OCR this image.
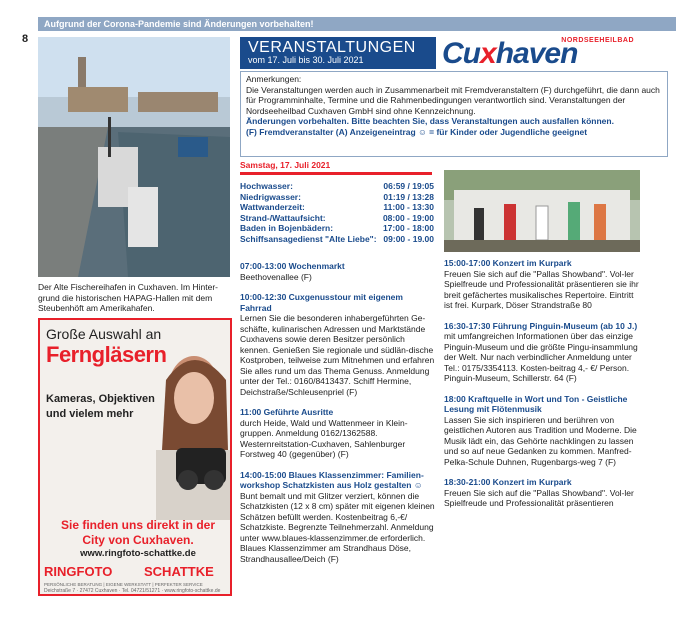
Aufgrund der Corona-Pandemie sind Änderungen vorbehalten!
8
Der Alte Fischereihafen in Cuxhaven. Im Hinter-grund die historischen HAPAG-Hallen mit dem Steubenhöft am Amerikahafen.
Große Auswahl an
Ferngläsern
Kameras, Objektiven
und vielem mehr
Sie finden uns direkt in der
City von Cuxhaven.
www.ringfoto-schattke.de
RINGFOTO SCHATTKE
PERSÖNLICHE BERATUNG | EIGENE WERKSTATT | PERFEKTER SERVICE
Deichstraße 7 · 27472 Cuxhaven · Tel. 04721/51271 · www.ringfoto-schattke.de
VERANSTALTUNGEN
vom 17. Juli bis 30. Juli 2021
NORDSEEHEILBAD
Cuxhaven
Anmerkungen:
Die Veranstaltungen werden auch in Zusammenarbeit mit Fremdveranstaltern (F) durchgeführt, die dann auch für Programminhalte, Termine und die Rahmenbedingungen verantwortlich sind. Veranstaltungen der Nordseeheilbad Cuxhaven GmbH sind ohne Kennzeichnung.
Änderungen vorbehalten. Bitte beachten Sie, dass Veranstaltungen auch ausfallen können.
(F) Fremdveranstalter (A) Anzeigeneintrag ☺ = für Kinder oder Jugendliche geeignet
Samstag, 17. Juli 2021
Hochwasser:	06:59 / 19:05
Niedrigwasser:	01:19 / 13:28
Wattwanderzeit:	11:00 - 13:30
Strand-/Wattaufsicht:	08:00 - 19:00
Baden in Bojenbädern:	17:00 - 18:00
Schiffsansagedienst "Alte Liebe": 09:00 - 19.00
07:00-13:00 Wochenmarkt
Beethovenallee (F)
10:00-12:30 Cuxgenusstour mit eigenem Fahrrad
Lernen Sie die besonderen inhabergeführten Ge-schäfte, kulinarischen Adressen und Marktstände Cuxhavens sowie deren Besitzer persönlich kennen. Genießen Sie regionale und südlän-dische Kostproben, teilweise zum Mitnehmen und erfahren Sie alles rund um das Thema Genuss. Anmeldung unter der Tel.: 0160/8413437. Schiff Hermine, Deichstraße/Schleusenpriel (F)
11:00 Geführte Ausritte
durch Heide, Wald und Wattenmeer in Klein-gruppen. Anmeldung 0162/1362588. Westernreitstation-Cuxhaven, Sahlenburger Forstweg 40 (gegenüber) (F)
14:00-15:00 Blaues Klassenzimmer: Familien-workshop Schatzkisten aus Holz gestalten ☺
Bunt bemalt und mit Glitzer verziert, können die Schatzkisten (12 x 8 cm) später mit eigenen kleinen Schätzen befüllt werden. Kostenbeitrag 6,-€/ Schatzkiste. Begrenzte Teilnehmerzahl. Anmeldung unter www.blaues-klassenzimmer.de erforderlich. Blaues Klassenzimmer am Strandhaus Döse, Strandhausallee/Deich (F)
15:00-17:00 Konzert im Kurpark
Freuen Sie sich auf die "Pallas Showband". Vol-ler Spielfreude und Professionalität präsentieren sie ihr breit gefächertes musikalisches Repertoire. Eintritt ist frei. Kurpark, Döser Strandstraße 80
16:30-17:30 Führung Pinguin-Museum (ab 10 J.)
mit umfangreichen Informationen über das einzige Pinguin-Museum und die größte Pingu-insammlung der Welt. Nur nach verbindlicher Anmeldung unter Tel.: 0175/3354113. Kosten-beitrag 4,- €/ Person. Pinguin-Museum, Schillerstr. 64 (F)
18:00 Kraftquelle in Wort und Ton - Geistliche Lesung mit Flötenmusik
Lassen Sie sich inspirieren und berühren von geistlichen Autoren aus Tradition und Moderne. Die Musik lädt ein, das Gehörte nachklingen zu lassen und so auf neue Gedanken zu kommen. Manfred-Pelka-Schule Duhnen, Rugenbargs-weg 7 (F)
18:30-21:00 Konzert im Kurpark
Freuen Sie sich auf die "Pallas Showband". Vol-ler Spielfreude und Professionalität präsentieren
